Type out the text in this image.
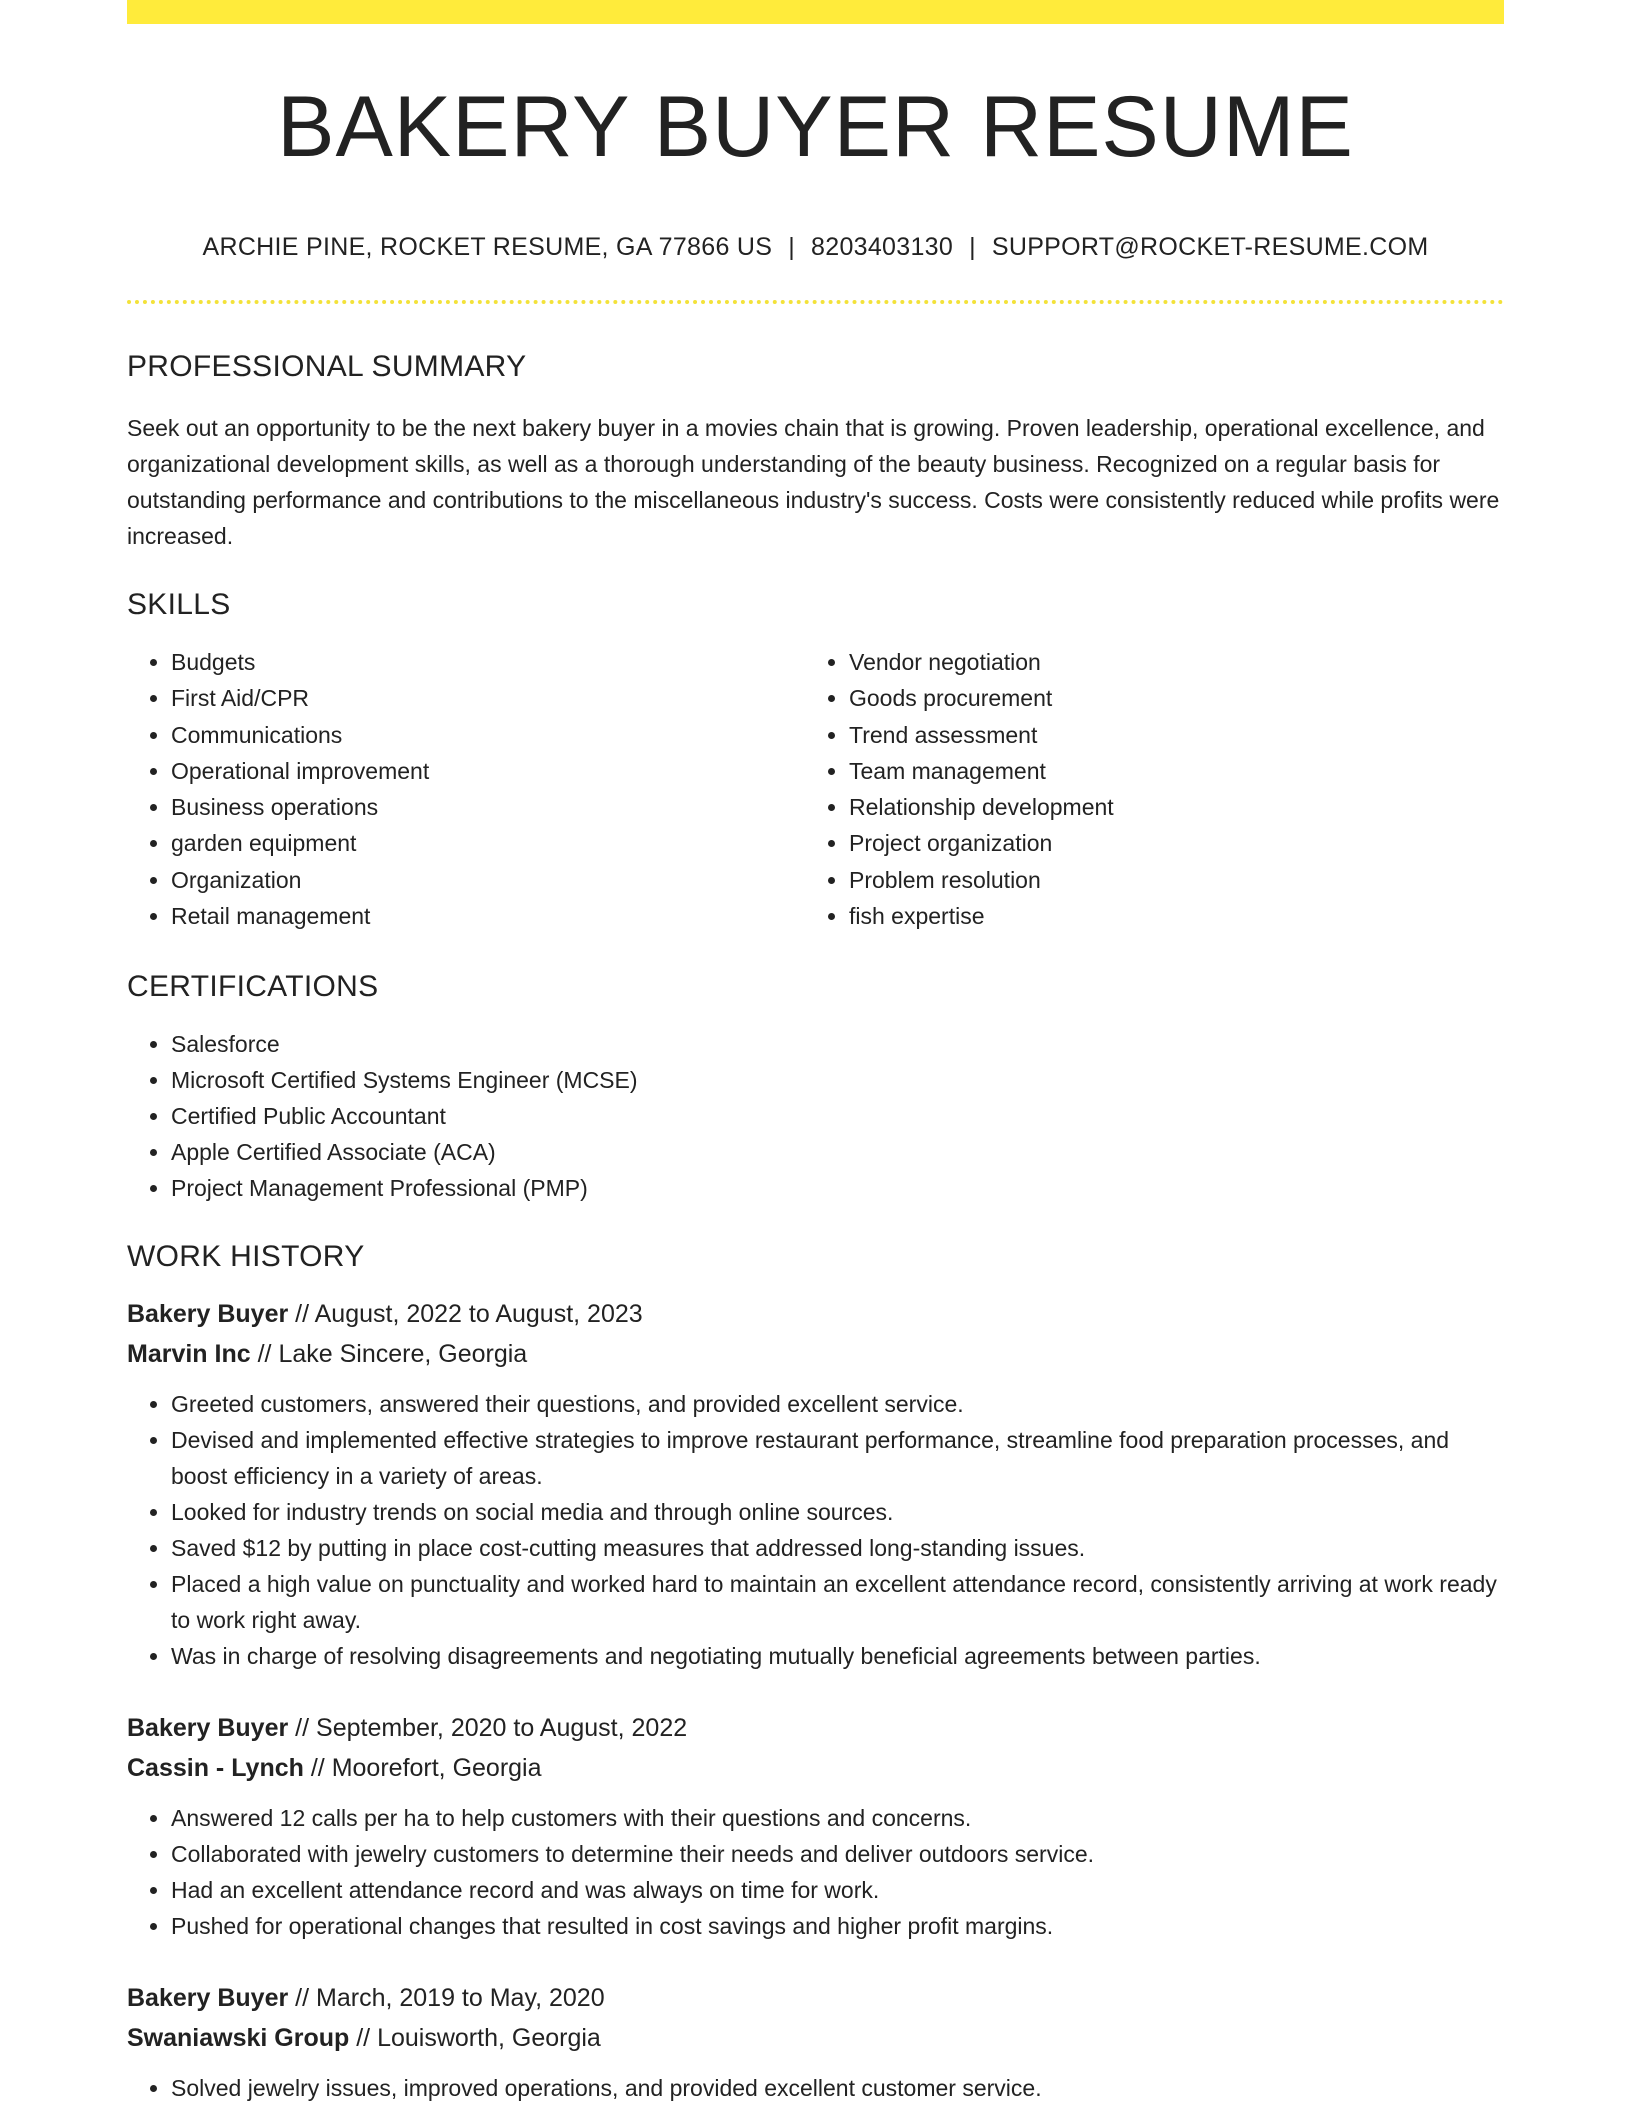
BAKERY BUYER RESUME
ARCHIE PINE, ROCKET RESUME, GA 77866 US | 8203403130 | SUPPORT@ROCKET-RESUME.COM
PROFESSIONAL SUMMARY

Seek out an opportunity to be the next bakery buyer in a movies chain that is growing. Proven leadership, operational excellence, and organizational development skills, as well as a thorough understanding of the beauty business. Recognized on a regular basis for outstanding performance and contributions to the miscellaneous industry's success. Costs were consistently reduced while profits were increased.

SKILLS
• Budgets
• First Aid/CPR
• Communications
• Operational improvement
• Business operations
• garden equipment
• Organization
• Retail management
• Vendor negotiation
• Goods procurement
• Trend assessment
• Team management
• Relationship development
• Project organization
• Problem resolution
• fish expertise
CERTIFICATIONS
• Salesforce
• Microsoft Certified Systems Engineer (MCSE)
• Certified Public Accountant
• Apple Certified Associate (ACA)
• Project Management Professional (PMP)
WORK HISTORY
Bakery Buyer // August, 2022 to August, 2023
Marvin Inc // Lake Sincere, Georgia
• Greeted customers, answered their questions, and provided excellent service.
• Devised and implemented effective strategies to improve restaurant performance, streamline food preparation processes, and boost efficiency in a variety of areas.
• Looked for industry trends on social media and through online sources.
• Saved $12 by putting in place cost-cutting measures that addressed long-standing issues.
• Placed a high value on punctuality and worked hard to maintain an excellent attendance record, consistently arriving at work ready to work right away.
• Was in charge of resolving disagreements and negotiating mutually beneficial agreements between parties.
Bakery Buyer // September, 2020 to August, 2022
Cassin - Lynch // Moorefort, Georgia
• Answered 12 calls per ha to help customers with their questions and concerns.
• Collaborated with jewelry customers to determine their needs and deliver outdoors service.
• Had an excellent attendance record and was always on time for work.
• Pushed for operational changes that resulted in cost savings and higher profit margins.
Bakery Buyer // March, 2019 to May, 2020
Swaniawski Group // Louisworth, Georgia
• Solved jewelry issues, improved operations, and provided excellent customer service.
